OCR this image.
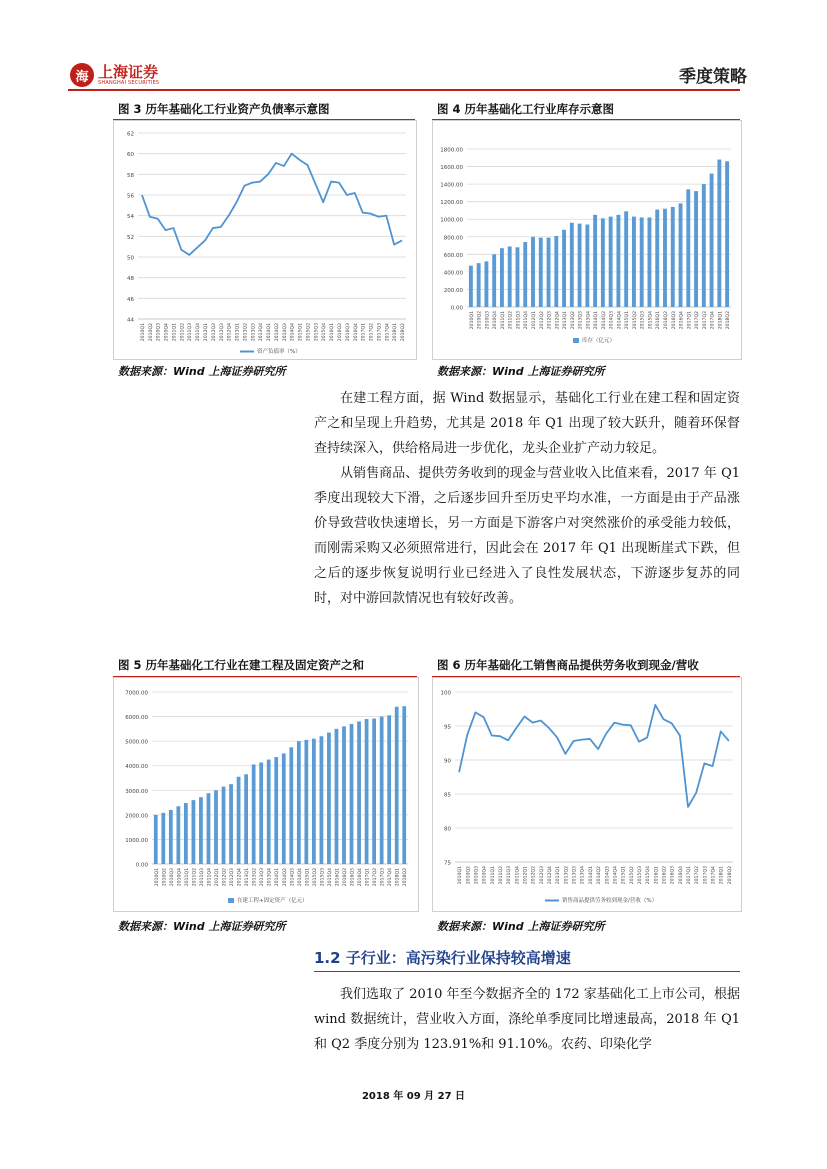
海 上海证券
SHANGHAI SECURITIES	季度策略
图 3 历年基础化工行业资产负债率示意图
44
46
48
50
52
54
56
58
60
62
2010Q1 2010Q2 2010Q3 2010Q4 2011Q1 2011Q2 2011Q3 2011Q4 2012Q1 2012Q2 2012Q3 2012Q4 2013Q1 2013Q2 2013Q3 2013Q4 2014Q1 2014Q2 2014Q3 2014Q4 2015Q1 2015Q2 2015Q3 2015Q4 2016Q1 2016Q2 2016Q3 2016Q4 2017Q1 2017Q2 2017Q3 2017Q4 2018Q1 2018Q2
资产负债率（%）
数据来源：Wind 上海证券研究所
图 4 历年基础化工行业库存示意图
0.00
200.00
400.00
600.00
800.00
1000.00
1200.00
1400.00
1600.00
1800.00
2010Q1 2010Q2 2010Q3 2010Q4 2011Q1 2011Q2 2011Q3 2011Q4 2012Q1 2012Q2 2012Q3 2012Q4 2013Q1 2013Q2 2013Q3 2013Q4 2014Q1 2014Q2 2014Q3 2014Q4 2015Q1 2015Q2 2015Q3 2015Q4 2016Q1 2016Q2 2016Q3 2016Q4 2017Q1 2017Q2 2017Q3 2017Q4 2018Q1 2018Q2
库存（亿元）
数据来源：Wind 上海证券研究所

在建工程方面，据 Wind 数据显示，基础化工行业在建工程和固定资产之和呈现上升趋势，尤其是 2018 年 Q1 出现了较大跃升，随着环保督查持续深入，供给格局进一步优化，龙头企业扩产动力较足。

从销售商品、提供劳务收到的现金与营业收入比值来看，2017 年 Q1 季度出现较大下滑，之后逐步回升至历史平均水准，一方面是由于产品涨价导致营收快速增长，另一方面是下游客户对突然涨价的承受能力较低，而刚需采购又必须照常进行，因此会在 2017 年 Q1 出现断崖式下跌，但之后的逐步恢复说明行业已经进入了良性发展状态，下游逐步复苏的同时，对中游回款情况也有较好改善。

图 5 历年基础化工行业在建工程及固定资产之和
0.00
1000.00
2000.00
3000.00
4000.00
5000.00
6000.00
7000.00
2010Q1 2010Q2 2010Q3 2010Q4 2011Q1 2011Q2 2011Q3 2011Q4 2012Q1 2012Q2 2012Q3 2012Q4 2013Q1 2013Q2 2013Q3 2013Q4 2014Q1 2014Q2 2014Q3 2014Q4 2015Q1 2015Q2 2015Q3 2015Q4 2016Q1 2016Q2 2016Q3 2016Q4 2017Q1 2017Q2 2017Q3 2017Q4 2018Q1 2018Q2
在建工程+固定资产（亿元）
数据来源：Wind 上海证券研究所
图 6 历年基础化工销售商品提供劳务收到现金/营收
75
80
85
90
95
100
2010Q1 2010Q2 2010Q3 2010Q4 2011Q1 2011Q2 2011Q3 2011Q4 2012Q1 2012Q2 2012Q3 2012Q4 2013Q1 2013Q2 2013Q3 2013Q4 2014Q1 2014Q2 2014Q3 2014Q4 2015Q1 2015Q2 2015Q3 2015Q4 2016Q1 2016Q2 2016Q3 2016Q4 2017Q1 2017Q2 2017Q3 2017Q4 2018Q1 2018Q2
销售商品提供劳务收到现金/营收（%）
数据来源：Wind 上海证券研究所
1.2 子行业：高污染行业保持较高增速

我们选取了 2010 年至今数据齐全的 172 家基础化工上市公司，根据 wind 数据统计，营业收入方面，涤纶单季度同比增速最高，2018 年 Q1 和 Q2 季度分别为 123.91%和 91.10%。农药、印染化学

2018 年 09 月 27 日
